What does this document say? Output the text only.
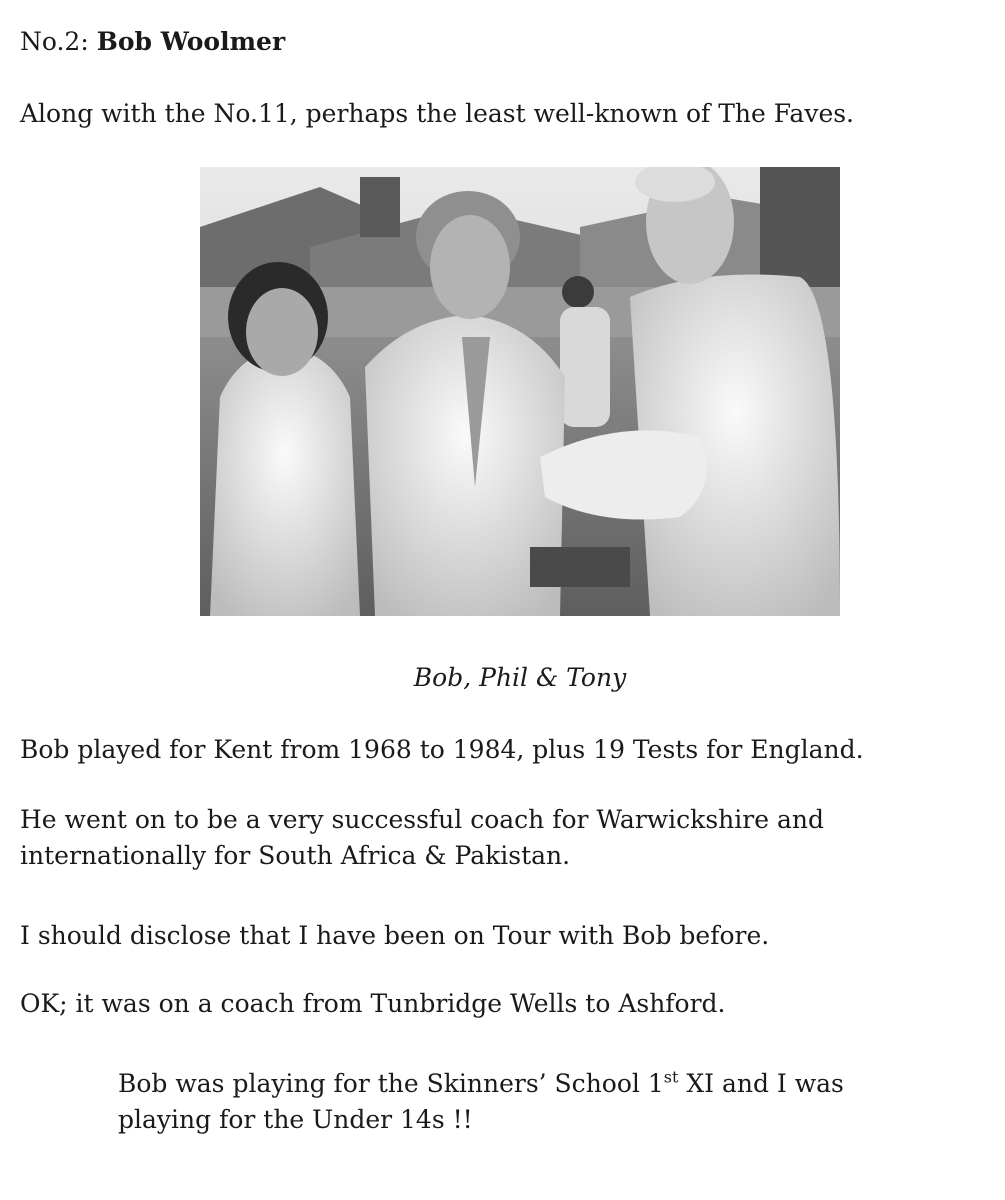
No.2: Bob Woolmer

Along with the No.11, perhaps the least well-known of The Faves.

Bob, Phil & Tony

Bob played for Kent from 1968 to 1984, plus 19 Tests for England.

He went on to be a very successful coach for Warwickshire and
internationally for South Africa & Pakistan.

I should disclose that I have been on Tour with Bob before.

OK; it was on a coach from Tunbridge Wells to Ashford.

Bob was playing for the Skinners’ School 1st XI and I was
playing for the Under 14s !!
